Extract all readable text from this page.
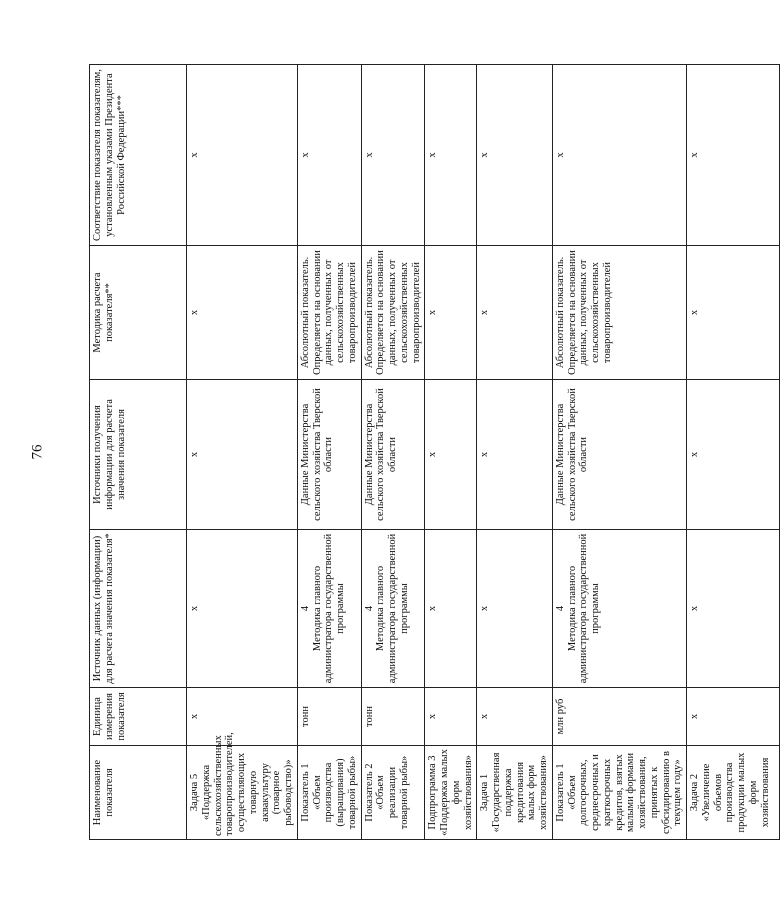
76
Наименование показателя	Единица измерения показателя	Источник данных (информации) для расчета значения показателя*	Источники получения информации для расчета значения показателя	Методика расчета показателя**	Соответствие показателя показателям, установленным указами Президента Российской Федерации***
Задача 5 «Поддержка сельскохозяйственных товаропроизводителей, осуществляющих товарную аквакультуру (товарное рыбоводство)»	х	х	х	х	х
Показатель 1 «Объем производства (выращивания) товарной рыбы»	тонн	4 Методика главного администратора государственной программы	Данные Министерства сельского хозяйства Тверской области	Абсолютный показатель. Определяется на основании данных, полученных от сельскохозяйственных товаропроизводителей	х
Показатель 2 «Объем реализации товарной рыбы»	тонн	4 Методика главного администратора государственной программы	Данные Министерства сельского хозяйства Тверской области	Абсолютный показатель. Определяется на основании данных, полученных от сельскохозяйственных товаропроизводителей	х
Подпрограмма 3 «Поддержка малых форм хозяйствования»	х	х	х	х	х
Задача 1 «Государственная поддержка кредитования малых форм хозяйствования»	х	х	х	х	х
Показатель 1 «Объем долгосрочных, среднесрочных и краткосрочных кредитов, взятых малыми формами хозяйствования, принятых к субсидированию в текущем году»	млн руб	4 Методика главного администратора государственной программы	Данные Министерства сельского хозяйства Тверской области	Абсолютный показатель. Определяется на основании данных, полученных от сельскохозяйственных товаропроизводителей	х
Задача 2 «Увеличение объемов производства продукции малых форм хозяйствования	х	х	х	х	х
